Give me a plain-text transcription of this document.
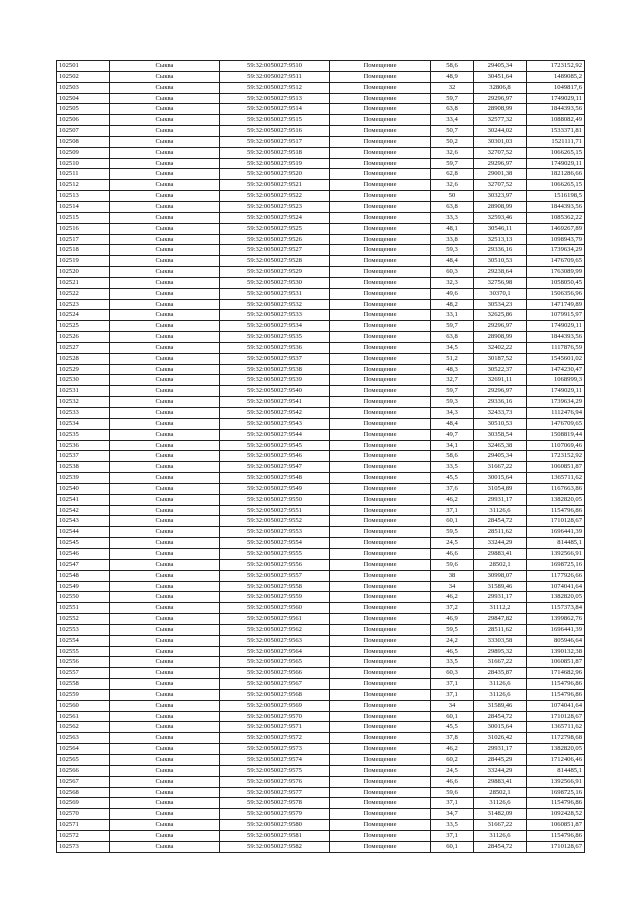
102501	Сыква	59:32:0050027:9510	Помещение	58,6	29405,34	1723152,92
102502	Сыква	59:32:0050027:9511	Помещение	48,9	30451,64	1489085,2
102503	Сыква	59:32:0050027:9512	Помещение	32	32806,8	1049817,6
102504	Сыква	59:32:0050027:9513	Помещение	59,7	29296,97	1749029,11
102505	Сыква	59:32:0050027:9514	Помещение	63,8	28908,99	1844393,56
102506	Сыква	59:32:0050027:9515	Помещение	33,4	32577,32	1088082,49
102507	Сыква	59:32:0050027:9516	Помещение	50,7	30244,02	1533371,81
102508	Сыква	59:32:0050027:9517	Помещение	50,2	30301,03	1521111,71
102509	Сыква	59:32:0050027:9518	Помещение	32,6	32707,52	1066265,15
102510	Сыква	59:32:0050027:9519	Помещение	59,7	29296,97	1749029,11
102511	Сыква	59:32:0050027:9520	Помещение	62,8	29001,38	1821286,66
102512	Сыква	59:32:0050027:9521	Помещение	32,6	32707,52	1066265,15
102513	Сыква	59:32:0050027:9522	Помещение	50	30323,97	1516198,5
102514	Сыква	59:32:0050027:9523	Помещение	63,8	28908,99	1844393,56
102515	Сыква	59:32:0050027:9524	Помещение	33,3	32593,46	1085362,22
102516	Сыква	59:32:0050027:9525	Помещение	48,1	30546,11	1469267,89
102517	Сыква	59:32:0050027:9526	Помещение	33,8	32513,13	1098943,79
102518	Сыква	59:32:0050027:9527	Помещение	59,3	29336,16	1739634,29
102519	Сыква	59:32:0050027:9528	Помещение	48,4	30510,53	1476709,65
102520	Сыква	59:32:0050027:9529	Помещение	60,3	29238,64	1763089,99
102521	Сыква	59:32:0050027:9530	Помещение	32,3	32756,98	1058050,45
102522	Сыква	59:32:0050027:9531	Помещение	49,6	30370,1	1506356,96
102523	Сыква	59:32:0050027:9532	Помещение	48,2	30534,23	1471749,89
102524	Сыква	59:32:0050027:9533	Помещение	33,1	32625,86	1079915,97
102525	Сыква	59:32:0050027:9534	Помещение	59,7	29296,97	1749029,11
102526	Сыква	59:32:0050027:9535	Помещение	63,8	28908,99	1844393,56
102527	Сыква	59:32:0050027:9536	Помещение	34,5	32402,22	1117876,59
102528	Сыква	59:32:0050027:9537	Помещение	51,2	30187,52	1545601,02
102529	Сыква	59:32:0050027:9538	Помещение	48,3	30522,37	1474230,47
102530	Сыква	59:32:0050027:9539	Помещение	32,7	32691,11	1068999,3
102531	Сыква	59:32:0050027:9540	Помещение	59,7	29296,97	1749029,11
102532	Сыква	59:32:0050027:9541	Помещение	59,3	29336,16	1739634,29
102533	Сыква	59:32:0050027:9542	Помещение	34,3	32433,73	1112476,94
102534	Сыква	59:32:0050027:9543	Помещение	48,4	30510,53	1476709,65
102535	Сыква	59:32:0050027:9544	Помещение	49,7	30358,54	1508819,44
102536	Сыква	59:32:0050027:9545	Помещение	34,1	32465,38	1107069,46
102537	Сыква	59:32:0050027:9546	Помещение	58,6	29405,34	1723152,92
102538	Сыква	59:32:0050027:9547	Помещение	33,5	31667,22	1060851,87
102539	Сыква	59:32:0050027:9548	Помещение	45,5	30015,64	1365711,62
102540	Сыква	59:32:0050027:9549	Помещение	37,6	31054,89	1167663,86
102541	Сыква	59:32:0050027:9550	Помещение	46,2	29931,17	1382820,05
102542	Сыква	59:32:0050027:9551	Помещение	37,1	31126,6	1154796,86
102543	Сыква	59:32:0050027:9552	Помещение	60,1	28454,72	1710128,67
102544	Сыква	59:32:0050027:9553	Помещение	59,5	28511,62	1696441,39
102545	Сыква	59:32:0050027:9554	Помещение	24,5	33244,29	814485,1
102546	Сыква	59:32:0050027:9555	Помещение	46,6	29883,41	1392566,91
102547	Сыква	59:32:0050027:9556	Помещение	59,6	28502,1	1698725,16
102548	Сыква	59:32:0050027:9557	Помещение	38	30998,07	1177926,66
102549	Сыква	59:32:0050027:9558	Помещение	34	31589,46	1074041,64
102550	Сыква	59:32:0050027:9559	Помещение	46,2	29931,17	1382820,05
102551	Сыква	59:32:0050027:9560	Помещение	37,2	31112,2	1157373,84
102552	Сыква	59:32:0050027:9561	Помещение	46,9	29847,82	1399862,76
102553	Сыква	59:32:0050027:9562	Помещение	59,5	28511,62	1696441,39
102554	Сыква	59:32:0050027:9563	Помещение	24,2	33303,58	805946,64
102555	Сыква	59:32:0050027:9564	Помещение	46,5	29895,32	1390132,38
102556	Сыква	59:32:0050027:9565	Помещение	33,5	31667,22	1060851,87
102557	Сыква	59:32:0050027:9566	Помещение	60,3	28435,87	1714682,96
102558	Сыква	59:32:0050027:9567	Помещение	37,1	31126,6	1154796,86
102559	Сыква	59:32:0050027:9568	Помещение	37,1	31126,6	1154796,86
102560	Сыква	59:32:0050027:9569	Помещение	34	31589,46	1074041,64
102561	Сыква	59:32:0050027:9570	Помещение	60,1	28454,72	1710128,67
102562	Сыква	59:32:0050027:9571	Помещение	45,5	30015,64	1365711,62
102563	Сыква	59:32:0050027:9572	Помещение	37,8	31026,42	1172798,68
102564	Сыква	59:32:0050027:9573	Помещение	46,2	29931,17	1382820,05
102565	Сыква	59:32:0050027:9574	Помещение	60,2	28445,29	1712406,46
102566	Сыква	59:32:0050027:9575	Помещение	24,5	33244,29	814485,1
102567	Сыква	59:32:0050027:9576	Помещение	46,6	29883,41	1392566,91
102568	Сыква	59:32:0050027:9577	Помещение	59,6	28502,1	1698725,16
102569	Сыква	59:32:0050027:9578	Помещение	37,1	31126,6	1154796,86
102570	Сыква	59:32:0050027:9579	Помещение	34,7	31482,09	1092428,52
102571	Сыква	59:32:0050027:9580	Помещение	33,5	31667,22	1060851,87
102572	Сыква	59:32:0050027:9581	Помещение	37,1	31126,6	1154796,86
102573	Сыква	59:32:0050027:9582	Помещение	60,1	28454,72	1710128,67
